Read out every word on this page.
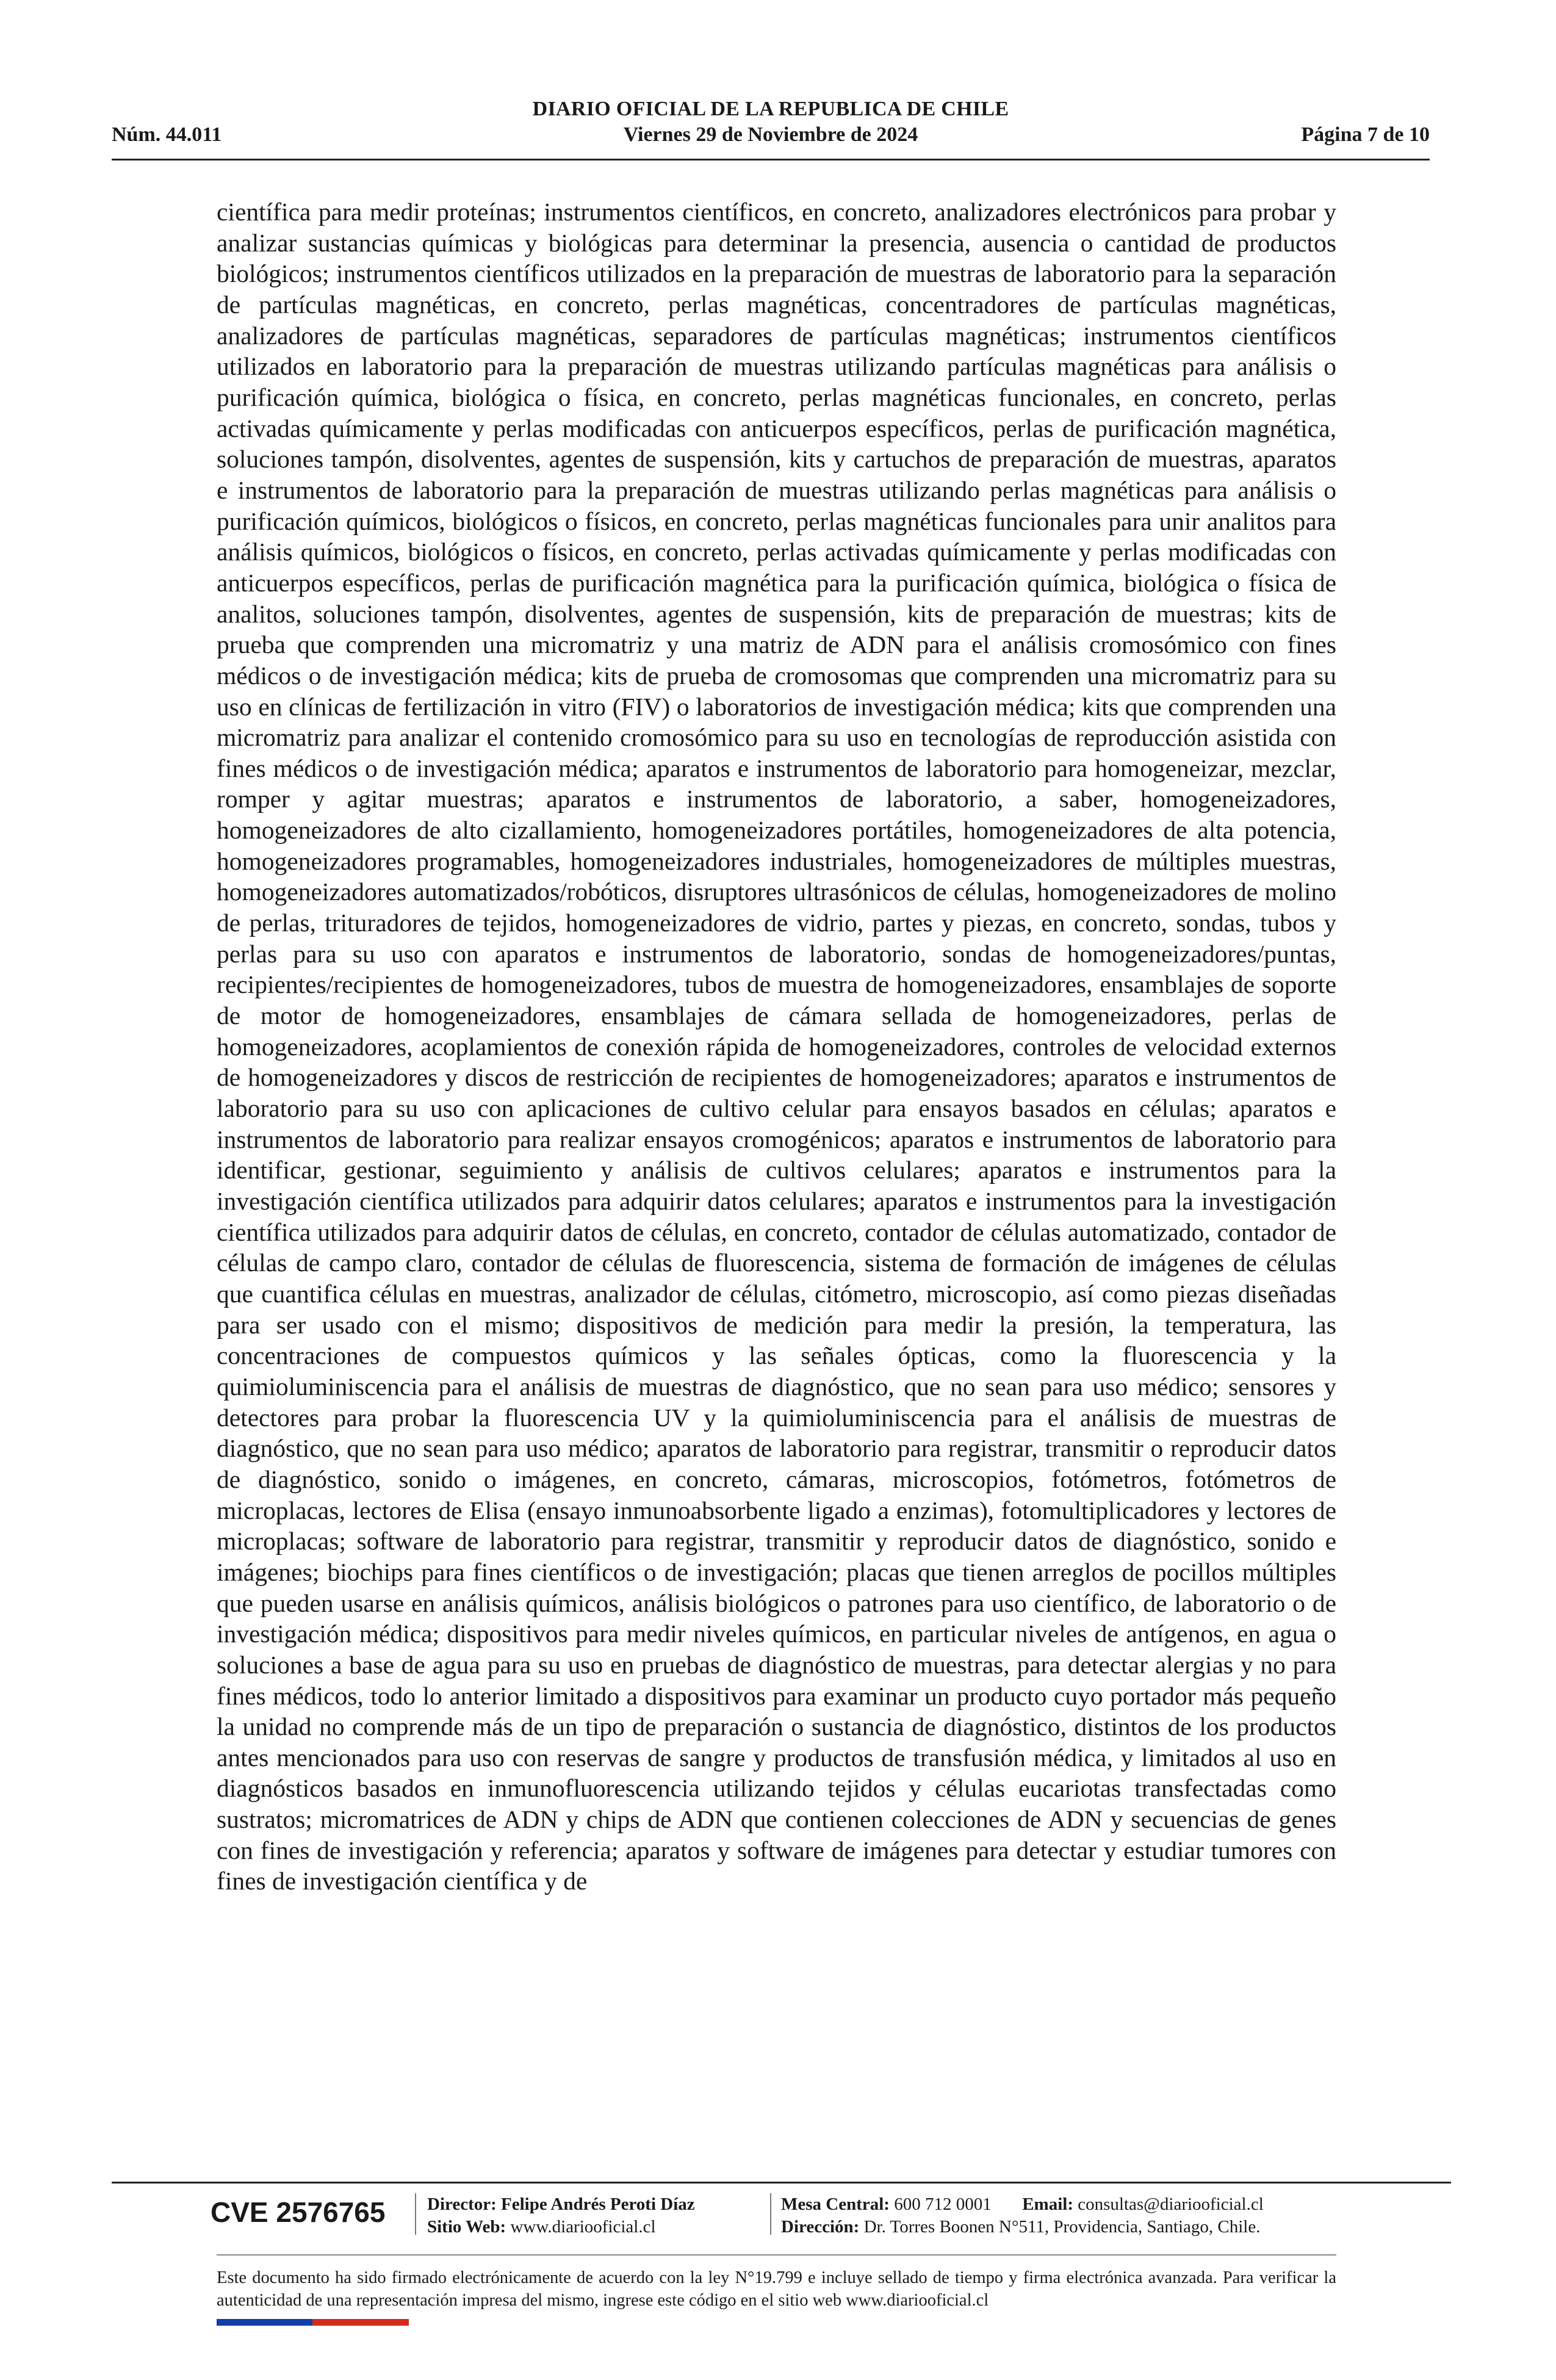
DIARIO OFICIAL DE LA REPUBLICA DE CHILE
Núm. 44.011	Viernes 29 de Noviembre de 2024	Página 7 de 10
científica para medir proteínas; instrumentos científicos, en concreto, analizadores electrónicos para probar y analizar sustancias químicas y biológicas para determinar la presencia, ausencia o cantidad de productos biológicos; instrumentos científicos utilizados en la preparación de muestras de laboratorio para la separación de partículas magnéticas, en concreto, perlas magnéticas, concentradores de partículas magnéticas, analizadores de partículas magnéticas, separadores de partículas magnéticas; instrumentos científicos utilizados en laboratorio para la preparación de muestras utilizando partículas magnéticas para análisis o purificación química, biológica o física, en concreto, perlas magnéticas funcionales, en concreto, perlas activadas químicamente y perlas modificadas con anticuerpos específicos, perlas de purificación magnética, soluciones tampón, disolventes, agentes de suspensión, kits y cartuchos de preparación de muestras, aparatos e instrumentos de laboratorio para la preparación de muestras utilizando perlas magnéticas para análisis o purificación químicos, biológicos o físicos, en concreto, perlas magnéticas funcionales para unir analitos para análisis químicos, biológicos o físicos, en concreto, perlas activadas químicamente y perlas modificadas con anticuerpos específicos, perlas de purificación magnética para la purificación química, biológica o física de analitos, soluciones tampón, disolventes, agentes de suspensión, kits de preparación de muestras; kits de prueba que comprenden una micromatriz y una matriz de ADN para el análisis cromosómico con fines médicos o de investigación médica; kits de prueba de cromosomas que comprenden una micromatriz para su uso en clínicas de fertilización in vitro (FIV) o laboratorios de investigación médica; kits que comprenden una micromatriz para analizar el contenido cromosómico para su uso en tecnologías de reproducción asistida con fines médicos o de investigación médica; aparatos e instrumentos de laboratorio para homogeneizar, mezclar, romper y agitar muestras; aparatos e instrumentos de laboratorio, a saber, homogeneizadores, homogeneizadores de alto cizallamiento, homogeneizadores portátiles, homogeneizadores de alta potencia, homogeneizadores programables, homogeneizadores industriales, homogeneizadores de múltiples muestras, homogeneizadores automatizados/robóticos, disruptores ultrasónicos de células, homogeneizadores de molino de perlas, trituradores de tejidos, homogeneizadores de vidrio, partes y piezas, en concreto, sondas, tubos y perlas para su uso con aparatos e instrumentos de laboratorio, sondas de homogeneizadores/puntas, recipientes/recipientes de homogeneizadores, tubos de muestra de homogeneizadores, ensamblajes de soporte de motor de homogeneizadores, ensamblajes de cámara sellada de homogeneizadores, perlas de homogeneizadores, acoplamientos de conexión rápida de homogeneizadores, controles de velocidad externos de homogeneizadores y discos de restricción de recipientes de homogeneizadores; aparatos e instrumentos de laboratorio para su uso con aplicaciones de cultivo celular para ensayos basados en células; aparatos e instrumentos de laboratorio para realizar ensayos cromogénicos; aparatos e instrumentos de laboratorio para identificar, gestionar, seguimiento y análisis de cultivos celulares; aparatos e instrumentos para la investigación científica utilizados para adquirir datos celulares; aparatos e instrumentos para la investigación científica utilizados para adquirir datos de células, en concreto, contador de células automatizado, contador de células de campo claro, contador de células de fluorescencia, sistema de formación de imágenes de células que cuantifica células en muestras, analizador de células, citómetro, microscopio, así como piezas diseñadas para ser usado con el mismo; dispositivos de medición para medir la presión, la temperatura, las concentraciones de compuestos químicos y las señales ópticas, como la fluorescencia y la quimioluminiscencia para el análisis de muestras de diagnóstico, que no sean para uso médico; sensores y detectores para probar la fluorescencia UV y la quimioluminiscencia para el análisis de muestras de diagnóstico, que no sean para uso médico; aparatos de laboratorio para registrar, transmitir o reproducir datos de diagnóstico, sonido o imágenes, en concreto, cámaras, microscopios, fotómetros, fotómetros de microplacas, lectores de Elisa (ensayo inmunoabsorbente ligado a enzimas), fotomultiplicadores y lectores de microplacas; software de laboratorio para registrar, transmitir y reproducir datos de diagnóstico, sonido e imágenes; biochips para fines científicos o de investigación; placas que tienen arreglos de pocillos múltiples que pueden usarse en análisis químicos, análisis biológicos o patrones para uso científico, de laboratorio o de investigación médica; dispositivos para medir niveles químicos, en particular niveles de antígenos, en agua o soluciones a base de agua para su uso en pruebas de diagnóstico de muestras, para detectar alergias y no para fines médicos, todo lo anterior limitado a dispositivos para examinar un producto cuyo portador más pequeño la unidad no comprende más de un tipo de preparación o sustancia de diagnóstico, distintos de los productos antes mencionados para uso con reservas de sangre y productos de transfusión médica, y limitados al uso en diagnósticos basados en inmunofluorescencia utilizando tejidos y células eucariotas transfectadas como sustratos; micromatrices de ADN y chips de ADN que contienen colecciones de ADN y secuencias de genes con fines de investigación y referencia; aparatos y software de imágenes para detectar y estudiar tumores con fines de investigación científica y de
CVE 2576765 Director: Felipe Andrés Peroti Díaz
Sitio Web: www.diariooficial.cl
Mesa Central: 600 712 0001 Email: consultas@diariooficial.cl
Dirección: Dr. Torres Boonen N°511, Providencia, Santiago, Chile.
Este documento ha sido firmado electrónicamente de acuerdo con la ley N°19.799 e incluye sellado de tiempo y firma electrónica avanzada. Para verificar la autenticidad de una representación impresa del mismo, ingrese este código en el sitio web www.diariooficial.cl
